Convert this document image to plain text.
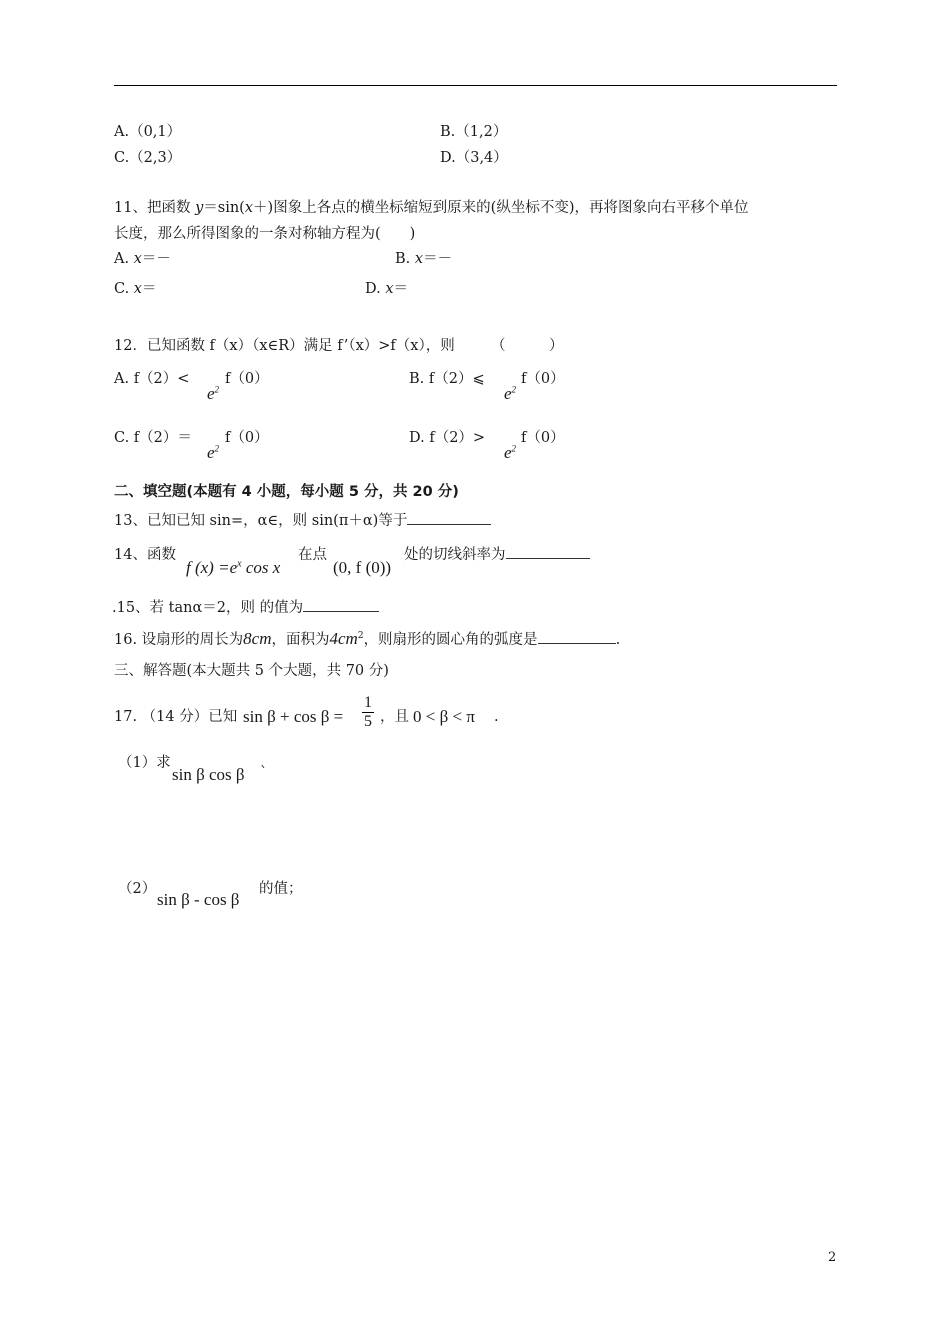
A.（0,1）	B.（1,2）
C.（2,3）	D.（3,4）
11、把函数 y＝sin(x＋)图象上各点的横坐标缩短到原来的(纵坐标不变)，再将图象向右平移个单位
长度，那么所得图象的一条对称轴方程为(　　)
A. x＝－	B. x＝－
C. x＝	D. x＝
12．已知函数 f（x）（x∈R）满足 f’（x）>f（x），则　　　（　　　）
A. f（2）<
$e^2$
f（0）	B. f（2）⩽
$e^2$
f（0）
C. f（2）＝
$e^2$
f（0）	D. f（2）>
$e^2$
f（0）
二、填空题(本题有 4 小题，每小题 5 分，共 20 分)
13、已知已知 sin=，α∈，则 sin(π＋α)等于
14、函数
f $(x) =e^x$ cos x
在点
(0, f (0))
处的切线斜率为
.15、若 tanα＝2，则 的值为
16. 设扇形的周长为8cm，面积为$4cm^2$，则扇形的圆心角的弧度是	.
三、解答题(本大题共 5 个大题，共 70 分)
17. （14 分）已知 $\sin \beta + \cos \beta = \frac{1}{5}$ ，且 0 < β < π .
（1）求
sin β cos β `
（2）
sin β - cos β
的值；
2
